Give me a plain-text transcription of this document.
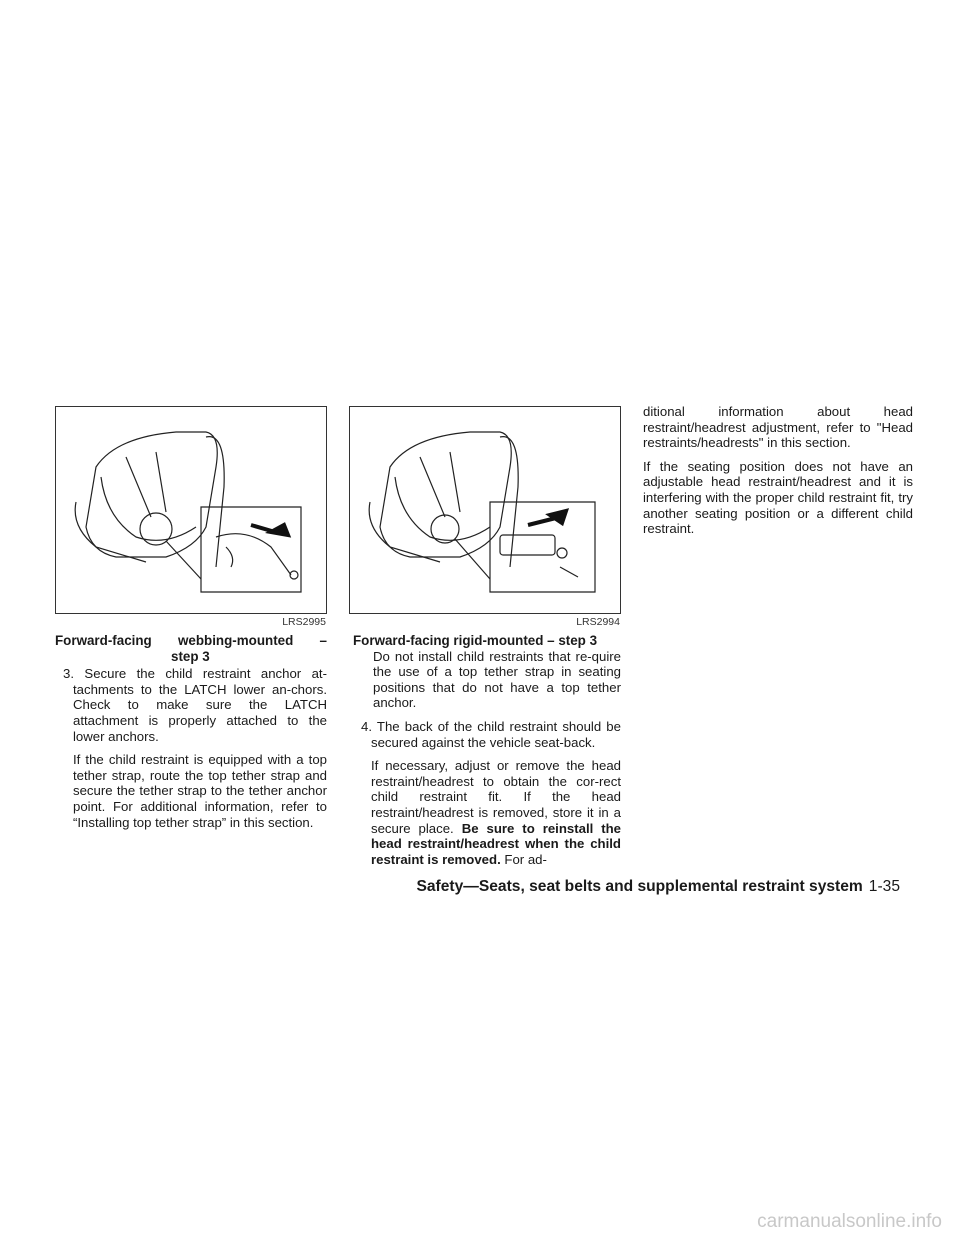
LRS2995	LRS2994
Forward-facing webbing-mounted –
step 3
3. Secure the child restraint anchor at-tachments to the LATCH lower an-chors. Check to make sure the LATCH attachment is properly attached to the lower anchors.
If the child restraint is equipped with a top tether strap, route the top tether strap and secure the tether strap to the tether anchor point. For additional information, refer to “Installing top tether strap” in this section.
Forward-facing rigid-mounted – step 3
Do not install child restraints that re-quire the use of a top tether strap in seating positions that do not have a top tether anchor.
4. The back of the child restraint should be secured against the vehicle seat-back.
If necessary, adjust or remove the head restraint/headrest to obtain the cor-rect child restraint fit. If the head restraint/headrest is removed, store it in a secure place. Be sure to reinstall the head restraint/headrest when the child restraint is removed. For ad-
ditional information about head restraint/headrest adjustment, refer to "Head restraints/headrests" in this section.
If the seating position does not have an adjustable head restraint/headrest and it is interfering with the proper child restraint fit, try another seating position or a different child restraint.
Safety—Seats, seat belts and supplemental restraint system 1-35
carmanualsonline.info
